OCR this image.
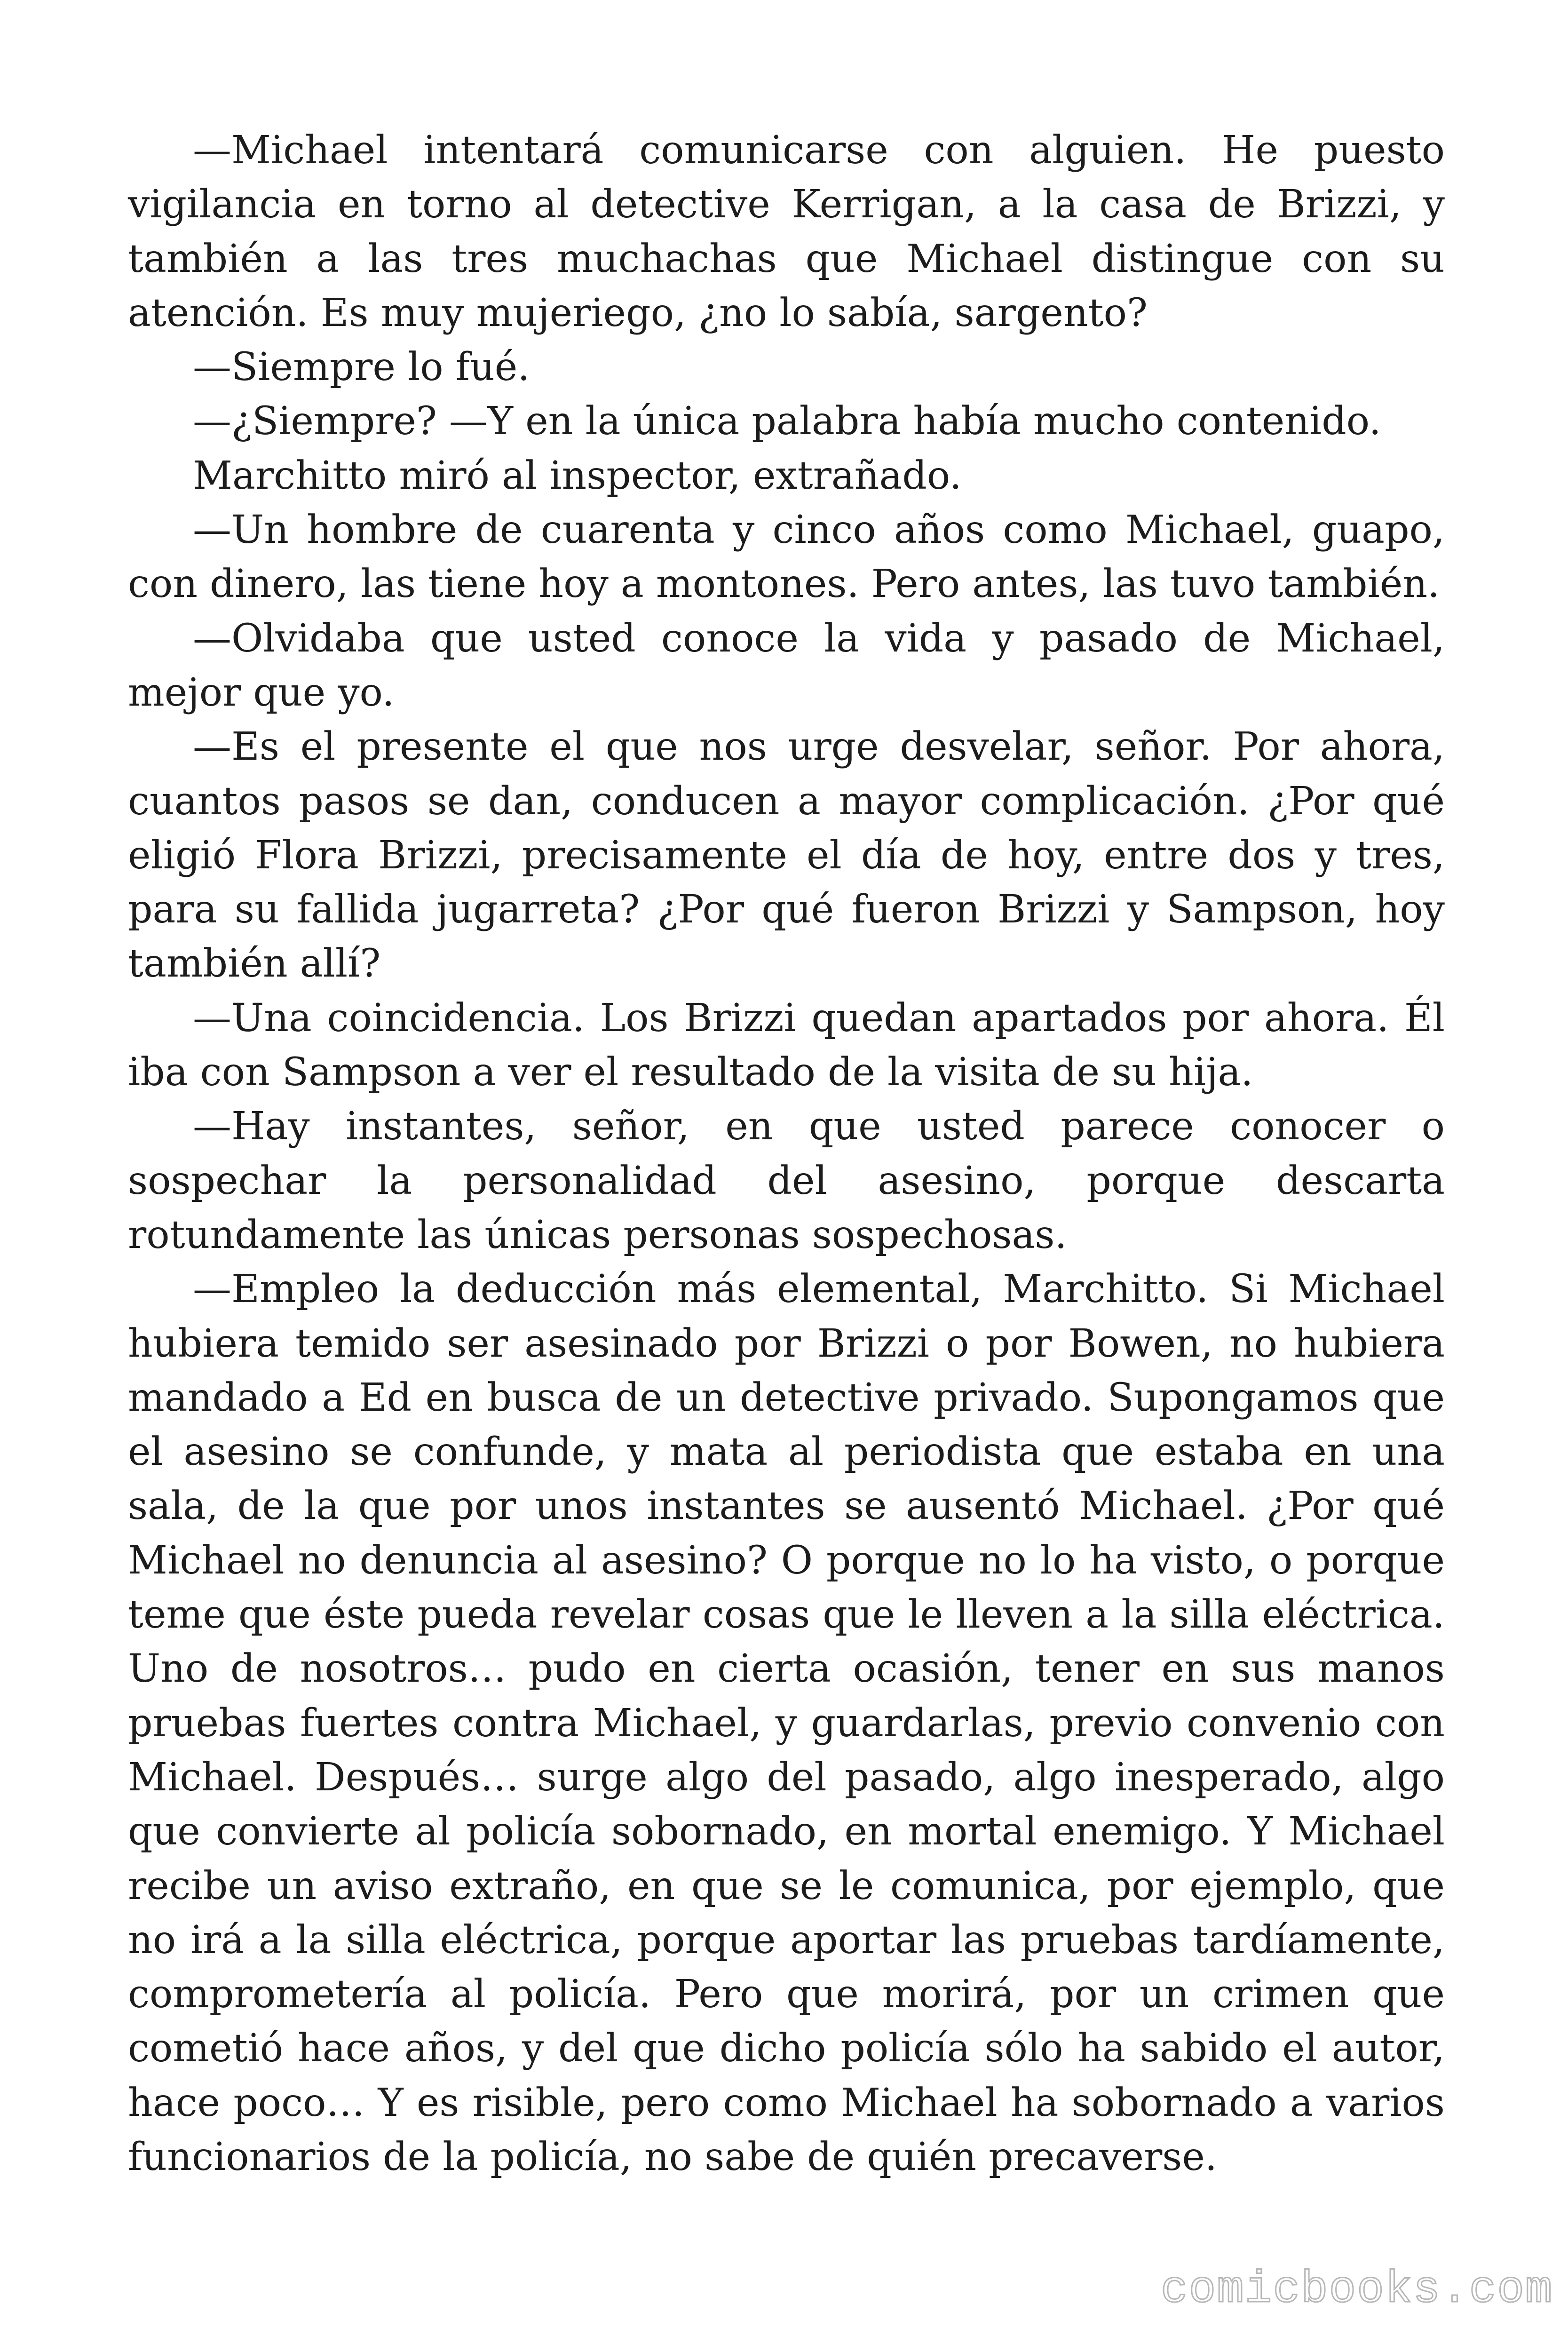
—Michael intentará comunicarse con alguien. He puesto vigilancia en torno al detective Kerrigan, a la casa de Brizzi, y también a las tres muchachas que Michael distingue con su atención. Es muy mujeriego, ¿no lo sabía, sargento?

—Siempre lo fué.

—¿Siempre? —Y en la única palabra había mucho contenido.

Marchitto miró al inspector, extrañado.

—Un hombre de cuarenta y cinco años como Michael, guapo, con dinero, las tiene hoy a montones. Pero antes, las tuvo también.

—Olvidaba que usted conoce la vida y pasado de Michael, mejor que yo.

—Es el presente el que nos urge desvelar, señor. Por ahora, cuantos pasos se dan, conducen a mayor complicación. ¿Por qué eligió Flora Brizzi, precisamente el día de hoy, entre dos y tres, para su fallida jugarreta? ¿Por qué fueron Brizzi y Sampson, hoy también allí?

—Una coincidencia. Los Brizzi quedan apartados por ahora. Él iba con Sampson a ver el resultado de la visita de su hija.

—Hay instantes, señor, en que usted parece conocer o sospechar la personalidad del asesino, porque descarta rotundamente las únicas personas sospechosas.

—Empleo la deducción más elemental, Marchitto. Si Michael hubiera temido ser asesinado por Brizzi o por Bowen, no hubiera mandado a Ed en busca de un detective privado. Supongamos que el asesino se confunde, y mata al periodista que estaba en una sala, de la que por unos instantes se ausentó Michael. ¿Por qué Michael no denuncia al asesino? O porque no lo ha visto, o porque teme que éste pueda revelar cosas que le lleven a la silla eléctrica. Uno de nosotros… pudo en cierta ocasión, tener en sus manos pruebas fuertes contra Michael, y guardarlas, previo convenio con Michael. Después… surge algo del pasado, algo inesperado, algo que convierte al policía sobornado, en mortal enemigo. Y Michael recibe un aviso extraño, en que se le comunica, por ejemplo, que no irá a la silla eléctrica, porque aportar las pruebas tardíamente, comprometería al policía. Pero que morirá, por un crimen que cometió hace años, y del que dicho policía sólo ha sabido el autor, hace poco… Y es risible, pero como Michael ha sobornado a varios funcionarios de la policía, no sabe de quién precaverse.

comicbooks.com
